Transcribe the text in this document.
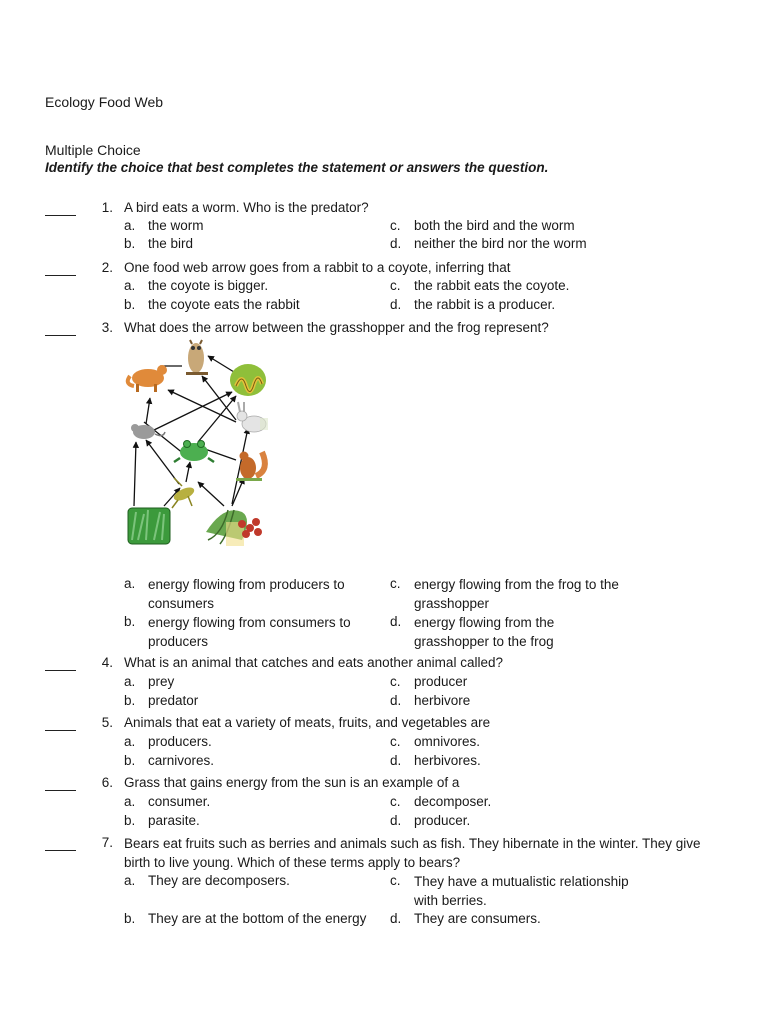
Ecology Food Web
Multiple Choice
Identify the choice that best completes the statement or answers the question.
1. A bird eats a worm. Who is the predator?
a. the worm
b. the bird
c. both the bird and the worm
d. neither the bird nor the worm
2. One food web arrow goes from a rabbit to a coyote, inferring that
a. the coyote is bigger.
b. the coyote eats the rabbit
c. the rabbit eats the coyote.
d. the rabbit is a producer.
3. What does the arrow between the grasshopper and the frog represent?
a. energy flowing from producers to consumers
b. energy flowing from consumers to producers
c. energy flowing from the frog to the grasshopper
d. energy flowing from the grasshopper to the frog
4. What is an animal that catches and eats another animal called?
a. prey
b. predator
c. producer
d. herbivore
5. Animals that eat a variety of meats, fruits, and vegetables are
a. producers.
b. carnivores.
c. omnivores.
d. herbivores.
6. Grass that gains energy from the sun is an example of a
a. consumer.
b. parasite.
c. decomposer.
d. producer.
7. Bears eat fruits such as berries and animals such as fish. They hibernate in the winter. They give birth to live young. Which of these terms apply to bears?
a. They are decomposers.
b. They are at the bottom of the energy
c. They have a mutualistic relationship with berries.
d. They are consumers.
